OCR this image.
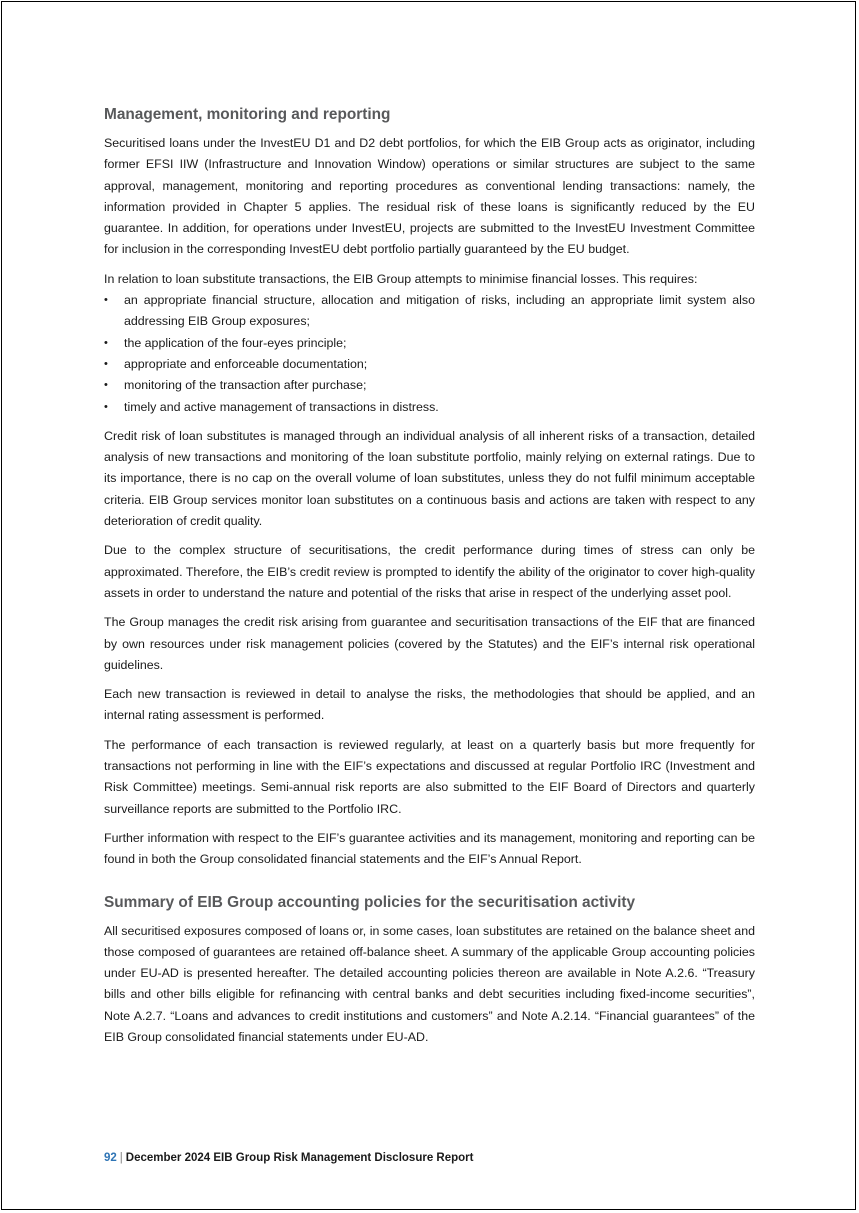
Management, monitoring and reporting

Securitised loans under the InvestEU D1 and D2 debt portfolios, for which the EIB Group acts as originator, including former EFSI IIW (Infrastructure and Innovation Window) operations or similar structures are subject to the same approval, management, monitoring and reporting procedures as conventional lending transactions: namely, the information provided in Chapter 5 applies. The residual risk of these loans is significantly reduced by the EU guarantee. In addition, for operations under InvestEU, projects are submitted to the InvestEU Investment Committee for inclusion in the corresponding InvestEU debt portfolio partially guaranteed by the EU budget.

In relation to loan substitute transactions, the EIB Group attempts to minimise financial losses. This requires:

• an appropriate financial structure, allocation and mitigation of risks, including an appropriate limit system also addressing EIB Group exposures;
• the application of the four-eyes principle;
• appropriate and enforceable documentation;
• monitoring of the transaction after purchase;
• timely and active management of transactions in distress.

Credit risk of loan substitutes is managed through an individual analysis of all inherent risks of a transaction, detailed analysis of new transactions and monitoring of the loan substitute portfolio, mainly relying on external ratings. Due to its importance, there is no cap on the overall volume of loan substitutes, unless they do not fulfil minimum acceptable criteria. EIB Group services monitor loan substitutes on a continuous basis and actions are taken with respect to any deterioration of credit quality.

Due to the complex structure of securitisations, the credit performance during times of stress can only be approximated. Therefore, the EIB’s credit review is prompted to identify the ability of the originator to cover high-quality assets in order to understand the nature and potential of the risks that arise in respect of the underlying asset pool.

The Group manages the credit risk arising from guarantee and securitisation transactions of the EIF that are financed by own resources under risk management policies (covered by the Statutes) and the EIF’s internal risk operational guidelines.

Each new transaction is reviewed in detail to analyse the risks, the methodologies that should be applied, and an internal rating assessment is performed.

The performance of each transaction is reviewed regularly, at least on a quarterly basis but more frequently for transactions not performing in line with the EIF’s expectations and discussed at regular Portfolio IRC (Investment and Risk Committee) meetings. Semi-annual risk reports are also submitted to the EIF Board of Directors and quarterly surveillance reports are submitted to the Portfolio IRC.

Further information with respect to the EIF’s guarantee activities and its management, monitoring and reporting can be found in both the Group consolidated financial statements and the EIF’s Annual Report.

Summary of EIB Group accounting policies for the securitisation activity

All securitised exposures composed of loans or, in some cases, loan substitutes are retained on the balance sheet and those composed of guarantees are retained off-balance sheet. A summary of the applicable Group accounting policies under EU-AD is presented hereafter. The detailed accounting policies thereon are available in Note A.2.6. “Treasury bills and other bills eligible for refinancing with central banks and debt securities including fixed-income securities”, Note A.2.7. “Loans and advances to credit institutions and customers” and Note A.2.14. “Financial guarantees” of the EIB Group consolidated financial statements under EU-AD.

92 | December 2024 EIB Group Risk Management Disclosure Report
